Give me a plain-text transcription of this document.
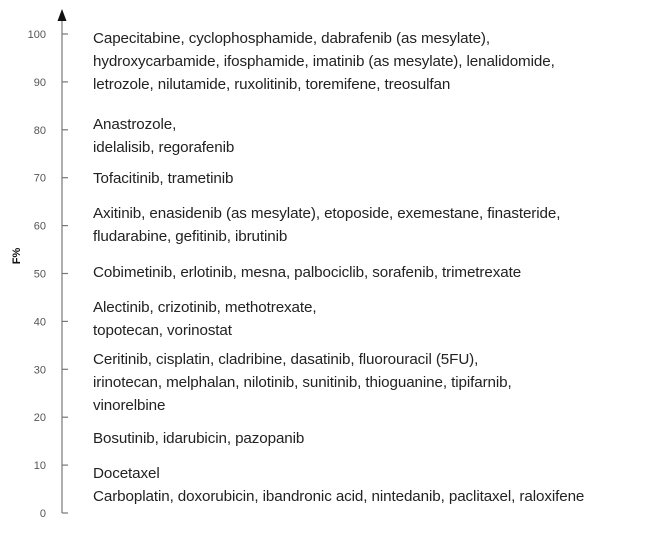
0
10
20
30
40
50
60
70
80
90
100
F%
Capecitabine, cyclophosphamide, dabrafenib (as mesylate),
hydroxycarbamide, ifosphamide, imatinib (as mesylate), lenalidomide,
letrozole, nilutamide, ruxolitinib, toremifene, treosulfan
Anastrozole,
idelalisib, regorafenib
Tofacitinib, trametinib
Axitinib, enasidenib (as mesylate), etoposide, exemestane, finasteride,
fludarabine, gefitinib, ibrutinib
Cobimetinib, erlotinib, mesna, palbociclib, sorafenib, trimetrexate
Alectinib, crizotinib, methotrexate,
topotecan, vorinostat
Ceritinib, cisplatin, cladribine, dasatinib, fluorouracil (5FU),
irinotecan, melphalan, nilotinib, sunitinib, thioguanine, tipifarnib,
vinorelbine
Bosutinib, idarubicin, pazopanib
Docetaxel
Carboplatin, doxorubicin, ibandronic acid, nintedanib, paclitaxel, raloxifene
